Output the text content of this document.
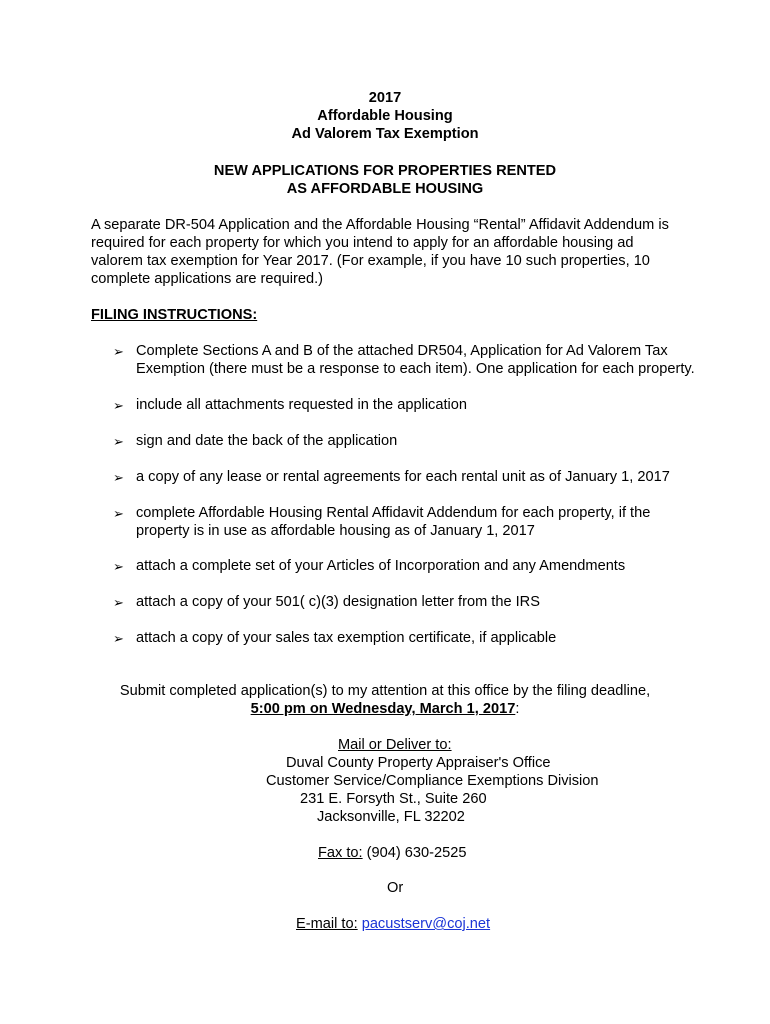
2017
Affordable Housing
Ad Valorem Tax Exemption
NEW APPLICATIONS FOR PROPERTIES RENTED
AS AFFORDABLE HOUSING
A separate DR-504 Application and the Affordable Housing “Rental” Affidavit Addendum is
required for each property for which you intend to apply for an affordable housing ad
valorem tax exemption for Year 2017. (For example, if you have 10 such properties, 10
complete applications are required.)
FILING INSTRUCTIONS:
➢ Complete Sections A and B of the attached DR504, Application for Ad Valorem Tax
Exemption (there must be a response to each item). One application for each property.
➢ include all attachments requested in the application
➢ sign and date the back of the application
➢ a copy of any lease or rental agreements for each rental unit as of January 1, 2017
➢ complete Affordable Housing Rental Affidavit Addendum for each property, if the
property is in use as affordable housing as of January 1, 2017
➢ attach a complete set of your Articles of Incorporation and any Amendments
➢ attach a copy of your 501( c)(3) designation letter from the IRS
➢ attach a copy of your sales tax exemption certificate, if applicable
Submit completed application(s) to my attention at this office by the filing deadline,
5:00 pm on Wednesday, March 1, 2017:
Mail or Deliver to:
Duval County Property Appraiser's Office
Customer Service/Compliance Exemptions Division
231 E. Forsyth St., Suite 260
Jacksonville, FL 32202
Fax to: (904) 630-2525
Or
E-mail to: pacustserv@coj.net
